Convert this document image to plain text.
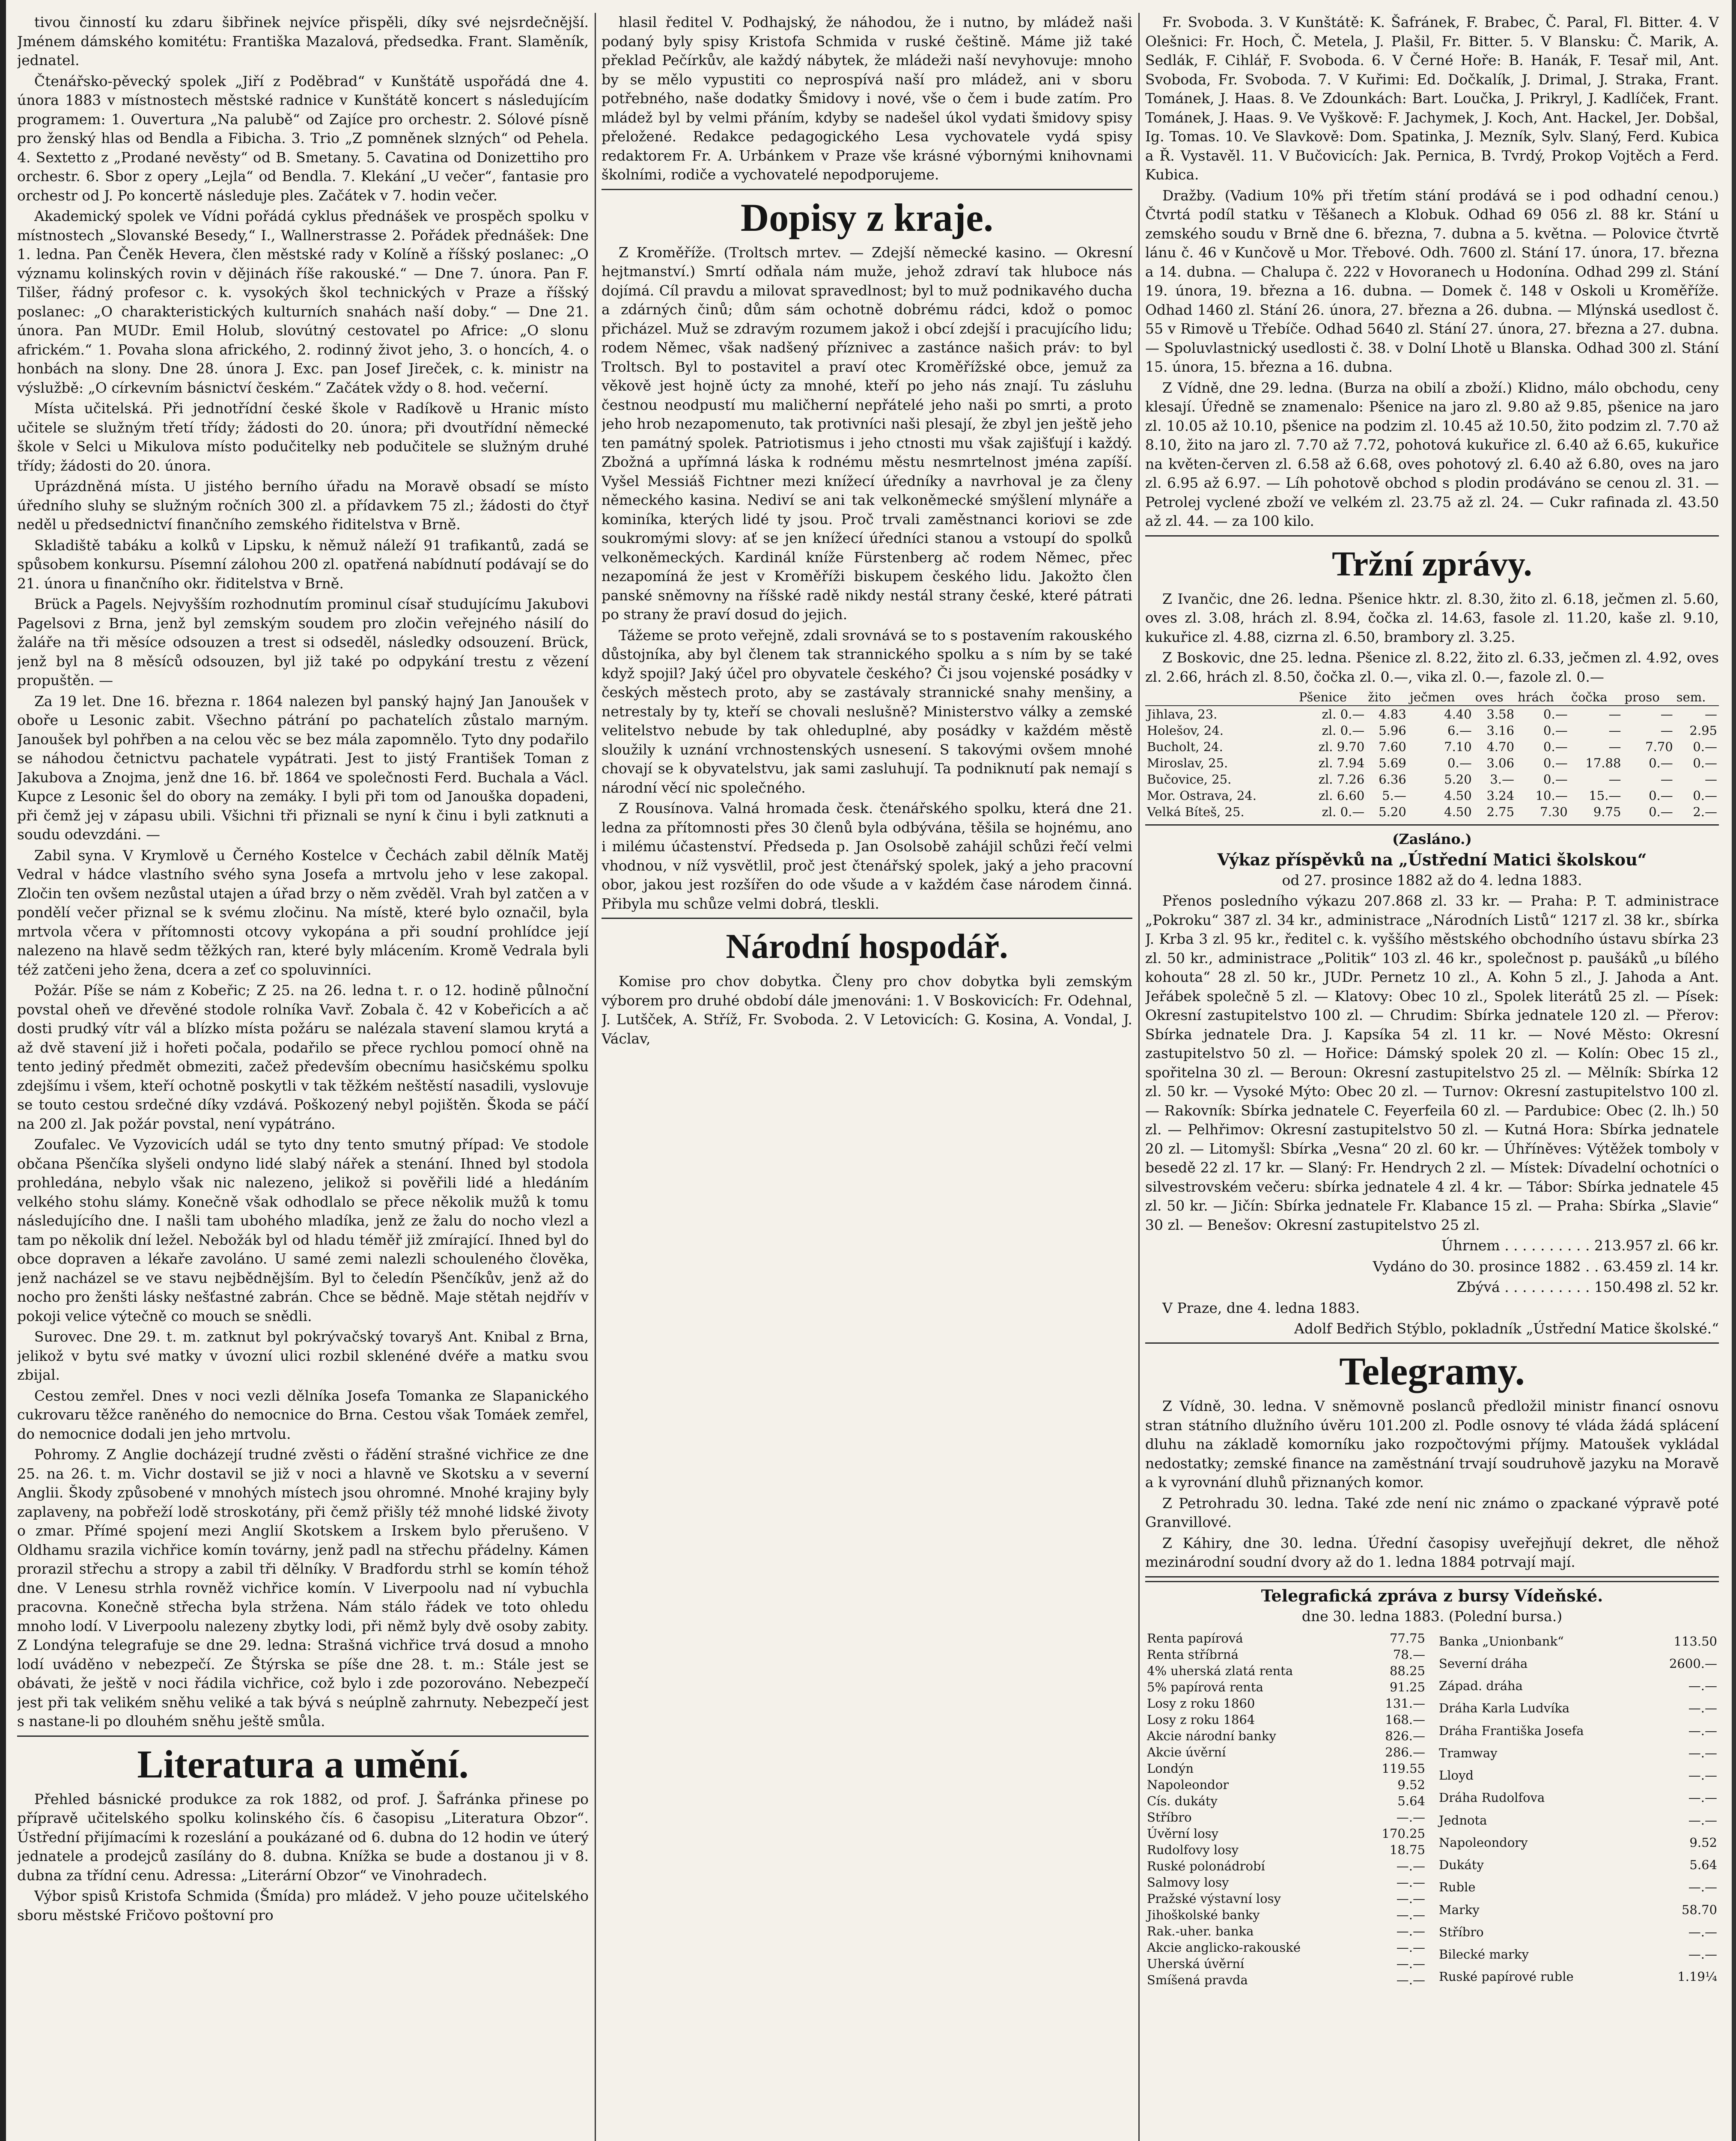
tivou činností ku zdaru šibřinek nejvíce přispěli, díky své nejsrdečnější. Jménem dámského komitétu: Františka Mazalová, předsedka. Frant. Slaměník, jednatel.

Čtenářsko-pěvecký spolek „Jiří z Poděbrad“ v Kunštátě uspořádá dne 4. února 1883 v místnostech městské radnice v Kunštátě koncert s následujícím programem: 1. Ouvertura „Na palubě“ od Zajíce pro orchestr. 2. Sólové písně pro ženský hlas od Bendla a Fibicha. 3. Trio „Z pomněnek slzných“ od Pehela. 4. Sextetto z „Prodané nevěsty“ od B. Smetany. 5. Cavatina od Donizettiho pro orchestr. 6. Sbor z opery „Lejla“ od Bendla. 7. Klekání „U večer“, fantasie pro orchestr od J. Po koncertě následuje ples. Začátek v 7. hodin večer.

Akademický spolek ve Vídni pořádá cyklus přednášek ve prospěch spolku v místnostech „Slovanské Besedy,“ I., Wallnerstrasse 2. Pořádek přednášek: Dne 1. ledna. Pan Čeněk Hevera, člen městské rady v Kolíně a říšský poslanec: „O významu kolinských rovin v dějinách říše rakouské.“ — Dne 7. února. Pan F. Tilšer, řádný profesor c. k. vysokých škol technických v Praze a říšský poslanec: „O charakteristických kulturních snahách naší doby.“ — Dne 21. února. Pan MUDr. Emil Holub, slovútný cestovatel po Africe: „O slonu africkém.“ 1. Povaha slona afrického, 2. rodinný život jeho, 3. o honcích, 4. o honbách na slony. Dne 28. února J. Exc. pan Josef Jireček, c. k. ministr na výslužbě: „O církevním básnictví českém.“ Začátek vždy o 8. hod. večerní.

Místa učitelská. Při jednotřídní české škole v Radíkově u Hranic místo učitele se služným třetí třídy; žádosti do 20. února; při dvoutřídní německé škole v Selci u Mikulova místo podučitelky neb podučitele se služným druhé třídy; žádosti do 20. února.

Uprázdněná místa. U jistého berního úřadu na Moravě obsadí se místo úředního sluhy se služným ročních 300 zl. a přídavkem 75 zl.; žádosti do čtyř neděl u předsednictví finančního zemského řiditelstva v Brně.

Skladiště tabáku a kolků v Lipsku, k němuž náleží 91 trafikantů, zadá se spůsobem konkursu. Písemní zálohou 200 zl. opatřená nabídnutí podávají se do 21. února u finančního okr. řiditelstva v Brně.

Brück a Pagels. Nejvyšším rozhodnutím prominul císař studujícímu Jakubovi Pagelsovi z Brna, jenž byl zemským soudem pro zločin veřejného násilí do žaláře na tři měsíce odsouzen a trest si odseděl, následky odsouzení. Brück, jenž byl na 8 měsíců odsouzen, byl již také po odpykání trestu z vězení propuštěn. —

Za 19 let. Dne 16. března r. 1864 nalezen byl panský hajný Jan Janoušek v oboře u Lesonic zabit. Všechno pátrání po pachatelích zůstalo marným. Janoušek byl pohřben a na celou věc se bez mála zapomnělo. Tyto dny podařilo se náhodou četnictvu pachatele vypátrati. Jest to jistý František Toman z Jakubova a Znojma, jenž dne 16. bř. 1864 ve společnosti Ferd. Buchala a Václ. Kupce z Lesonic šel do obory na zemáky. I byli při tom od Janouška dopadeni, při čemž jej v zápasu ubili. Všichni tři přiznali se nyní k činu i byli zatknuti a soudu odevzdáni. —

Zabil syna. V Krymlově u Černého Kostelce v Čechách zabil dělník Matěj Vedral v hádce vlastního svého syna Josefa a mrtvolu jeho v lese zakopal. Zločin ten ovšem nezůstal utajen a úřad brzy o něm zvěděl. Vrah byl zatčen a v pondělí večer přiznal se k svému zločinu. Na místě, které bylo označil, byla mrtvola včera v přítomnosti otcovy vykopána a při soudní prohlídce její nalezeno na hlavě sedm těžkých ran, které byly mlácením. Kromě Vedrala byli též zatčeni jeho žena, dcera a zeť co spoluvinníci.

Požár. Píše se nám z Kobeřic; Z 25. na 26. ledna t. r. o 12. hodině půlnoční povstal oheň ve dřevěné stodole rolníka Vavř. Zobala č. 42 v Kobeřicích a ač dosti prudký vítr vál a blízko místa požáru se nalézala stavení slamou krytá a až dvě stavení již i hořeti počala, podařilo se přece rychlou pomocí ohně na tento jediný předmět obmeziti, začež především obecnímu hasičskému spolku zdejšímu i všem, kteří ochotně poskytli v tak těžkém neštěstí nasadili, vyslovuje se touto cestou srdečné díky vzdává. Poškozený nebyl pojištěn. Škoda se páčí na 200 zl. Jak požár povstal, není vypátráno.

Zoufalec. Ve Vyzovicích udál se tyto dny tento smutný případ: Ve stodole občana Pšenčíka slyšeli ondyno lidé slabý nářek a stenání. Ihned byl stodola prohledána, nebylo však nic nalezeno, jelikož si pověřili lidé a hledáním velkého stohu slámy. Konečně však odhodlalo se přece několik mužů k tomu následujícího dne. I našli tam ubohého mladíka, jenž ze žalu do nocho vlezl a tam po několik dní ležel. Nebožák byl od hladu téměř již zmírající. Ihned byl do obce dopraven a lékaře zavoláno. U samé zemi nalezli schouleného člověka, jenž nacházel se ve stavu nejbědnějším. Byl to čeledín Pšenčíkův, jenž až do nocho pro ženšti lásky nešťastné zabrán. Chce se bědně. Maje stětah nejdřív v pokoji velice výtečně co mouch se snědli.

Surovec. Dne 29. t. m. zatknut byl pokrývačský tovaryš Ant. Knibal z Brna, jelikož v bytu své matky v úvozní ulici rozbil sklenéné dvéře a matku svou zbijal.

Cestou zemřel. Dnes v noci vezli dělníka Josefa Tomanka ze Slapanického cukrovaru těžce raněného do nemocnice do Brna. Cestou však Tomáek zemřel, do nemocnice dodali jen jeho mrtvolu.

Pohromy. Z Anglie docházejí trudné zvěsti o řádění strašné vichřice ze dne 25. na 26. t. m. Vichr dostavil se již v noci a hlavně ve Skotsku a v severní Anglii. Škody způsobené v mnohých místech jsou ohromné. Mnohé krajiny byly zaplaveny, na pobřeží lodě stroskotány, při čemž přišly též mnohé lidské životy o zmar. Přímé spojení mezi Anglií Skotskem a Irskem bylo přerušeno. V Oldhamu srazila vichřice komín továrny, jenž padl na střechu přádelny. Kámen prorazil střechu a stropy a zabil tři dělníky. V Bradfordu strhl se komín téhož dne. V Lenesu strhla rovněž vichřice komín. V Liverpoolu nad ní vybuchla pracovna. Konečně střecha byla stržena. Nám stálo řádek ve toto ohledu mnoho lodí. V Liverpoolu nalezeny zbytky lodi, při němž byly dvě osoby zabity. Z Londýna telegrafuje se dne 29. ledna: Strašná vichřice trvá dosud a mnoho lodí uváděno v nebezpečí. Ze Štýrska se píše dne 28. t. m.: Stále jest se obávati, že ještě v noci řádila vichřice, což bylo i zde pozorováno. Nebezpečí jest při tak velikém sněhu veliké a tak bývá s neúplně zahrnuty. Nebezpečí jest s nastane-li po dlouhém sněhu ještě smůla.

Literatura a umění.

Přehled básnické produkce za rok 1882, od prof. J. Šafránka přinese po přípravě učitelského spolku kolinského čís. 6 časopisu „Literatura Obzor“. Ústřední přijímacími k rozeslání a poukázané od 6. dubna do 12 hodin ve úterý jednatele a prodejců zasílány do 8. dubna. Knížka se bude a dostanou ji v 8. dubna za třídní cenu. Adressa: „Literární Obzor“ ve Vinohradech.

Výbor spisů Kristofa Schmida (Šmída) pro mládež. V jeho pouze učitelského sboru městské Fričovo poštovní pro

hlasil ředitel V. Podhajský, že náhodou, že i nutno, by mládež naši podaný byly spisy Kristofa Schmida v ruské češtině. Máme již také překlad Pečírkův, ale každý nábytek, že mládeži naší nevyhovuje: mnoho by se mělo vypustiti co neprospívá naší pro mládež, ani v sboru potřebného, naše dodatky Šmidovy i nové, vše o čem i bude zatím. Pro mládež byl by velmi přáním, kdyby se nadešel úkol vydati šmidovy spisy přeložené. Redakce pedagogického Lesa vychovatele vydá spisy redaktorem Fr. A. Urbánkem v Praze vše krásné výbornými knihovnami školními, rodiče a vychovatelé nepodporujeme.

Dopisy z kraje.

Z Kroměříže. (Troltsch mrtev. — Zdejší německé kasino. — Okresní hejtmanství.) Smrtí odňala nám muže, jehož zdraví tak hluboce nás dojímá. Cíl pravdu a milovat spravedlnost; byl to muž podnikavého ducha a zdárných činů; dům sám ochotně dobrému rádci, kdož o pomoc přicházel. Muž se zdravým rozumem jakož i obcí zdejší i pracujícího lidu; rodem Němec, však nadšený příznivec a zastánce našich práv: to byl Troltsch. Byl to postavitel a praví otec Kroměřížské obce, jemuž za věkově jest hojně úcty za mnohé, kteří po jeho nás znají. Tu zásluhu čestnou neodpustí mu maličherní nepřátelé jeho naši po smrti, a proto jeho hrob nezapomenuto, tak protivníci naši plesají, že zbyl jen ještě jeho ten památný spolek. Patriotismus i jeho ctnosti mu však zajišťují i každý. Zbožná a upřímná láska k rodnému městu nesmrtelnost jména zapíší. Vyšel Messiáš Fichtner mezi knížecí úředníky a navrhoval je za členy německého kasina. Nediví se ani tak velkoněmecké smýšlení mlynáře a kominíka, kterých lidé ty jsou. Proč trvali zaměstnanci koriovi se zde soukromými slovy: ať se jen knížecí úředníci stanou a vstoupí do spolků velkoněmeckých. Kardinál kníže Fürstenberg ač rodem Němec, přec nezapomíná že jest v Kroměříži biskupem českého lidu. Jakožto člen panské sněmovny na říšské radě nikdy nestál strany české, které pátrati po strany že praví dosud do jejich.

Tážeme se proto veřejně, zdali srovnává se to s postavením rakouského důstojníka, aby byl členem tak strannického spolku a s ním by se také když spojil? Jaký účel pro obyvatele českého? Či jsou vojenské posádky v českých městech proto, aby se zastávaly strannické snahy menšiny, a netrestaly by ty, kteří se chovali neslušně? Ministerstvo války a zemské velitelstvo nebude by tak ohleduplné, aby posádky v každém městě sloužily k uznání vrchnostenských usnesení. S takovými ovšem mnohé chovají se k obyvatelstvu, jak sami zasluhují. Ta podniknutí pak nemají s národní věcí nic společného.

Z Rousínova. Valná hromada česk. čtenářského spolku, která dne 21. ledna za přítomnosti přes 30 členů byla odbývána, těšila se hojnému, ano i milému účastenství. Předseda p. Jan Osolsobě zahájil schůzi řečí velmi vhodnou, v níž vysvětlil, proč jest čtenářský spolek, jaký a jeho pracovní obor, jakou jest rozšířen do ode všude a v každém čase národem činná. Přibyla mu schůze velmi dobrá, tleskli.

Národní hospodář.

Komise pro chov dobytka. Členy pro chov dobytka byli zemským výborem pro druhé období dále jmenováni: 1. V Boskovicích: Fr. Odehnal, J. Lutšček, A. Stříž, Fr. Svoboda. 2. V Letovicích: G. Kosina, A. Vondal, J. Václav,

Fr. Svoboda. 3. V Kunštátě: K. Šafránek, F. Brabec, Č. Paral, Fl. Bitter. 4. V Olešnici: Fr. Hoch, Č. Metela, J. Plašil, Fr. Bitter. 5. V Blansku: Č. Marik, A. Sedlák, F. Cihlář, F. Svoboda. 6. V Černé Hoře: B. Hanák, F. Tesař mil, Ant. Svoboda, Fr. Svoboda. 7. V Kuřimi: Ed. Dočkalík, J. Drimal, J. Straka, Frant. Tománek, J. Haas. 8. Ve Zdounkách: Bart. Loučka, J. Prikryl, J. Kadlíček, Frant. Tománek, J. Haas. 9. Ve Vyškově: F. Jachymek, J. Koch, Ant. Hackel, Jer. Dobšal, Ig. Tomas. 10. Ve Slavkově: Dom. Spatinka, J. Mezník, Sylv. Slaný, Ferd. Kubica a Ř. Vystavěl. 11. V Bučovicích: Jak. Pernica, B. Tvrdý, Prokop Vojtěch a Ferd. Kubica.

Dražby. (Vadium 10% při třetím stání prodává se i pod odhadní cenou.) Čtvrtá podíl statku v Těšanech a Klobuk. Odhad 69 056 zl. 88 kr. Stání u zemského soudu v Brně dne 6. března, 7. dubna a 5. května. — Polovice čtvrtě lánu č. 46 v Kunčově u Mor. Třebové. Odh. 7600 zl. Stání 17. února, 17. března a 14. dubna. — Chalupa č. 222 v Hovoranech u Hodonína. Odhad 299 zl. Stání 19. února, 19. března a 16. dubna. — Domek č. 148 v Oskoli u Kroměříže. Odhad 1460 zl. Stání 26. února, 27. března a 26. dubna. — Mlýnská usedlost č. 55 v Rimově u Třebíče. Odhad 5640 zl. Stání 27. února, 27. března a 27. dubna. — Spoluvlastnický usedlosti č. 38. v Dolní Lhotě u Blanska. Odhad 300 zl. Stání 15. února, 15. března a 16. dubna.

Z Vídně, dne 29. ledna. (Burza na obilí a zboží.) Klidno, málo obchodu, ceny klesají. Úředně se znamenalo: Pšenice na jaro zl. 9.80 až 9.85, pšenice na jaro zl. 10.05 až 10.10, pšenice na podzim zl. 10.45 až 10.50, žito podzim zl. 7.70 až 8.10, žito na jaro zl. 7.70 až 7.72, pohotová kukuřice zl. 6.40 až 6.65, kukuřice na květen-červen zl. 6.58 až 6.68, oves pohotový zl. 6.40 až 6.80, oves na jaro zl. 6.95 až 6.97. — Líh pohotově obchod s plodin prodáváno se cenou zl. 31. — Petrolej vyclené zboží ve velkém zl. 23.75 až zl. 24. — Cukr rafinada zl. 43.50 až zl. 44. — za 100 kilo.

Tržní zprávy.

Z Ivančic, dne 26. ledna. Pšenice hktr. zl. 8.30, žito zl. 6.18, ječmen zl. 5.60, oves zl. 3.08, hrách zl. 8.94, čočka zl. 14.63, fasole zl. 11.20, kaše zl. 9.10, kukuřice zl. 4.88, cizrna zl. 6.50, brambory zl. 3.25.

Z Boskovic, dne 25. ledna. Pšenice zl. 8.22, žito zl. 6.33, ječmen zl. 4.92, oves zl. 2.66, hrách zl. 8.50, čočka zl. 0.—, vika zl. 0.—, fazole zl. 0.—

	Pšenice	žito	ječmen	oves	hrách	čočka	proso	sem.
Jihlava, 23.	zl. 0.—	4.83	4.40	3.58	0.—	—	—	—
Holešov, 24.	zl. 0.—	5.96	6.—	3.16	0.—	—	—	2.95
Bucholt, 24.	zl. 9.70	7.60	7.10	4.70	0.—	—	7.70	0.—
Miroslav, 25.	zl. 7.94	5.69	0.—	3.06	0.—	17.88	0.—	0.—
Bučovice, 25.	zl. 7.26	6.36	5.20	3.—	0.—	—	—	—
Mor. Ostrava, 24.	zl. 6.60	5.—	4.50	3.24	10.—	15.—	0.—	0.—
Velká Bíteš, 25.	zl. 0.—	5.20	4.50	2.75	7.30	9.75	0.—	2.—
(Zasláno.)
Výkaz příspěvků na „Ústřední Matici školskou“
od 27. prosince 1882 až do 4. ledna 1883.

Přenos posledního výkazu 207.868 zl. 33 kr. — Praha: P. T. administrace „Pokroku“ 387 zl. 34 kr., administrace „Národních Listů“ 1217 zl. 38 kr., sbírka J. Krba 3 zl. 95 kr., ředitel c. k. vyššího městského obchodního ústavu sbírka 23 zl. 50 kr., administrace „Politik“ 103 zl. 46 kr., společnost p. paušáků „u bílého kohouta“ 28 zl. 50 kr., JUDr. Pernetz 10 zl., A. Kohn 5 zl., J. Jahoda a Ant. Jeřábek společně 5 zl. — Klatovy: Obec 10 zl., Spolek literátů 25 zl. — Písek: Okresní zastupitelstvo 100 zl. — Chrudim: Sbírka jednatele 120 zl. — Přerov: Sbírka jednatele Dra. J. Kapsíka 54 zl. 11 kr. — Nové Město: Okresní zastupitelstvo 50 zl. — Hořice: Dámský spolek 20 zl. — Kolín: Obec 15 zl., spořitelna 30 zl. — Beroun: Okresní zastupitelstvo 25 zl. — Mělník: Sbírka 12 zl. 50 kr. — Vysoké Mýto: Obec 20 zl. — Turnov: Okresní zastupitelstvo 100 zl. — Rakovník: Sbírka jednatele C. Feyerfeila 60 zl. — Pardubice: Obec (2. lh.) 50 zl. — Pelhřimov: Okresní zastupitelstvo 50 zl. — Kutná Hora: Sbírka jednatele 20 zl. — Litomyšl: Sbírka „Vesna“ 20 zl. 60 kr. — Úhříněves: Výtěžek tomboly v besedě 22 zl. 17 kr. — Slaný: Fr. Hendrych 2 zl. — Místek: Dívadelní ochotníci o silvestrovském večeru: sbírka jednatele 4 zl. 4 kr. — Tábor: Sbírka jednatele 45 zl. 50 kr. — Jičín: Sbírka jednatele Fr. Klabance 15 zl. — Praha: Sbírka „Slavie“ 30 zl. — Benešov: Okresní zastupitelstvo 25 zl.

Úhrnem . . . . . . . . . . 213.957 zl. 66 kr.

Vydáno do 30. prosince 1882 . . 63.459 zl. 14 kr.

Zbývá . . . . . . . . . . 150.498 zl. 52 kr.

V Praze, dne 4. ledna 1883.

Adolf Bedřich Stýblo, pokladník „Ústřední Matice školské.“

Telegramy.

Z Vídně, 30. ledna. V sněmovně poslanců předložil ministr financí osnovu stran státního dlužního úvěru 101.200 zl. Podle osnovy té vláda žádá splácení dluhu na základě komorníku jako rozpočtovými příjmy. Matoušek vykládal nedostatky; zemské finance na zaměstnání trvají soudruhově jazyku na Moravě a k vyrovnání dluhů přiznaných komor.

Z Petrohradu 30. ledna. Také zde není nic známo o zpackané výpravě poté Granvillové.

Z Káhiry, dne 30. ledna. Úřední časopisy uveřejňují dekret, dle něhož mezinárodní soudní dvory až do 1. ledna 1884 potrvají mají.

Telegrafická zpráva z bursy Vídeňské.
dne 30. ledna 1883. (Polední bursa.)
Renta papírová	77.75
Renta stříbrná	78.—
4% uherská zlatá renta	88.25
5% papírová renta	91.25
Losy z roku 1860	131.—
Losy z roku 1864	168.—
Akcie národní banky	826.—
Akcie úvěrní	286.—
Londýn	119.55
Napoleondor	9.52
Cís. dukáty	5.64
Stříbro	—.—
Úvěrní losy	170.25
Rudolfovy losy	18.75
Ruské polonádrobí	—.—
Salmovy losy	—.—
Pražské výstavní losy	—.—
Jihoškolské banky	—.—
Rak.-uher. banka	—.—
Akcie anglicko-rakouské	—.—
Uherská úvěrní	—.—
Smíšená pravda	—.—
Banka „Unionbank“	113.50
Severní dráha	2600.—
Západ. dráha	—.—
Dráha Karla Ludvíka	—.—
Dráha Františka Josefa	—.—
Tramway	—.—
Lloyd	—.—
Dráha Rudolfova	—.—
Jednota	—.—
Napoleondory	9.52
Dukáty	5.64
Ruble	—.—
Marky	58.70
Stříbro	—.—
Bilecké marky	—.—
Ruské papírové ruble	1.19¼
